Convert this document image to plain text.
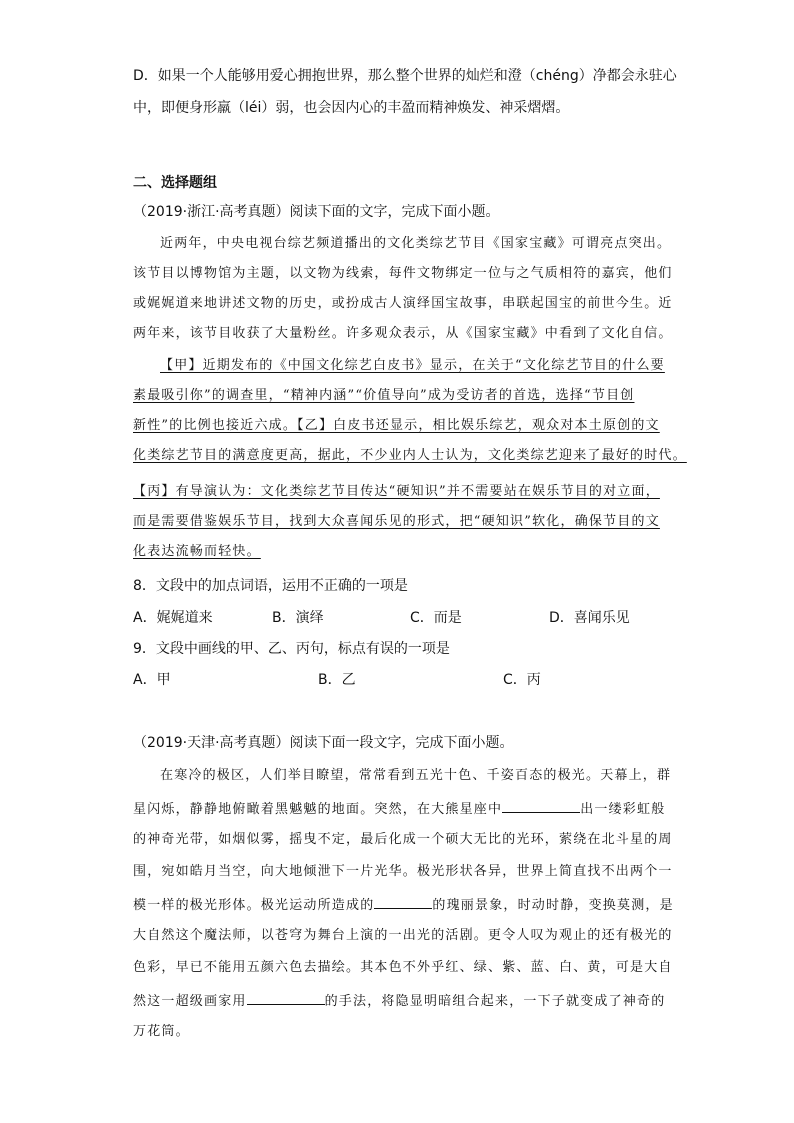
D．如果一个人能够用爱心拥抱世界，那么整个世界的灿烂和澄（chéng）净都会永驻心
中，即便身形羸（léi）弱，也会因内心的丰盈而精神焕发、神采熠熠。
二、选择题组
（2019·浙江·高考真题）阅读下面的文字，完成下面小题。
近两年，中央电视台综艺频道播出的文化类综艺节目《国家宝藏》可谓亮点突出。
该节目以博物馆为主题，以文物为线索，每件文物绑定一位与之气质相符的嘉宾，他们
或娓娓道来地讲述文物的历史，或扮成古人演绎国宝故事，串联起国宝的前世今生。近
两年来，该节目收获了大量粉丝。许多观众表示，从《国家宝藏》中看到了文化自信。
【甲】近期发布的《中国文化综艺白皮书》显示，在关于“文化综艺节目的什么要
素最吸引你”的调查里，“精神内涵”“价值导向”成为受访者的首选，选择“节目创
新性”的比例也接近六成。【乙】白皮书还显示，相比娱乐综艺，观众对本土原创的文
化类综艺节目的满意度更高，据此，不少业内人士认为，文化类综艺迎来了最好的时代。
【丙】有导演认为：文化类综艺节目传达“硬知识”并不需要站在娱乐节目的对立面，
而是需要借鉴娱乐节目，找到大众喜闻乐见的形式，把“硬知识”软化，确保节目的文
化表达流畅而轻快。
8．文段中的加点词语，运用不正确的一项是
A．娓娓道来	B．演绎	C．而是	D．喜闻乐见
9．文段中画线的甲、乙、丙句，标点有误的一项是
A．甲	B．乙	C．丙
（2019·天津·高考真题）阅读下面一段文字，完成下面小题。
在寒冷的极区，人们举目瞭望，常常看到五光十色、千姿百态的极光。天幕上，群
星闪烁，静静地俯瞰着黑魆魆的地面。突然，在大熊星座中	出一缕彩虹般
的神奇光带，如烟似雾，摇曳不定，最后化成一个硕大无比的光环，萦绕在北斗星的周
围，宛如皓月当空，向大地倾泄下一片光华。极光形状各异，世界上简直找不出两个一
模一样的极光形体。极光运动所造成的	的瑰丽景象，时动时静，变换莫测，是
大自然这个魔法师，以苍穹为舞台上演的一出光的活剧。更令人叹为观止的还有极光的
色彩，早已不能用五颜六色去描绘。其本色不外乎红、绿、紫、蓝、白、黄，可是大自
然这一超级画家用	的手法，将隐显明暗组合起来，一下子就变成了神奇的
万花筒。
